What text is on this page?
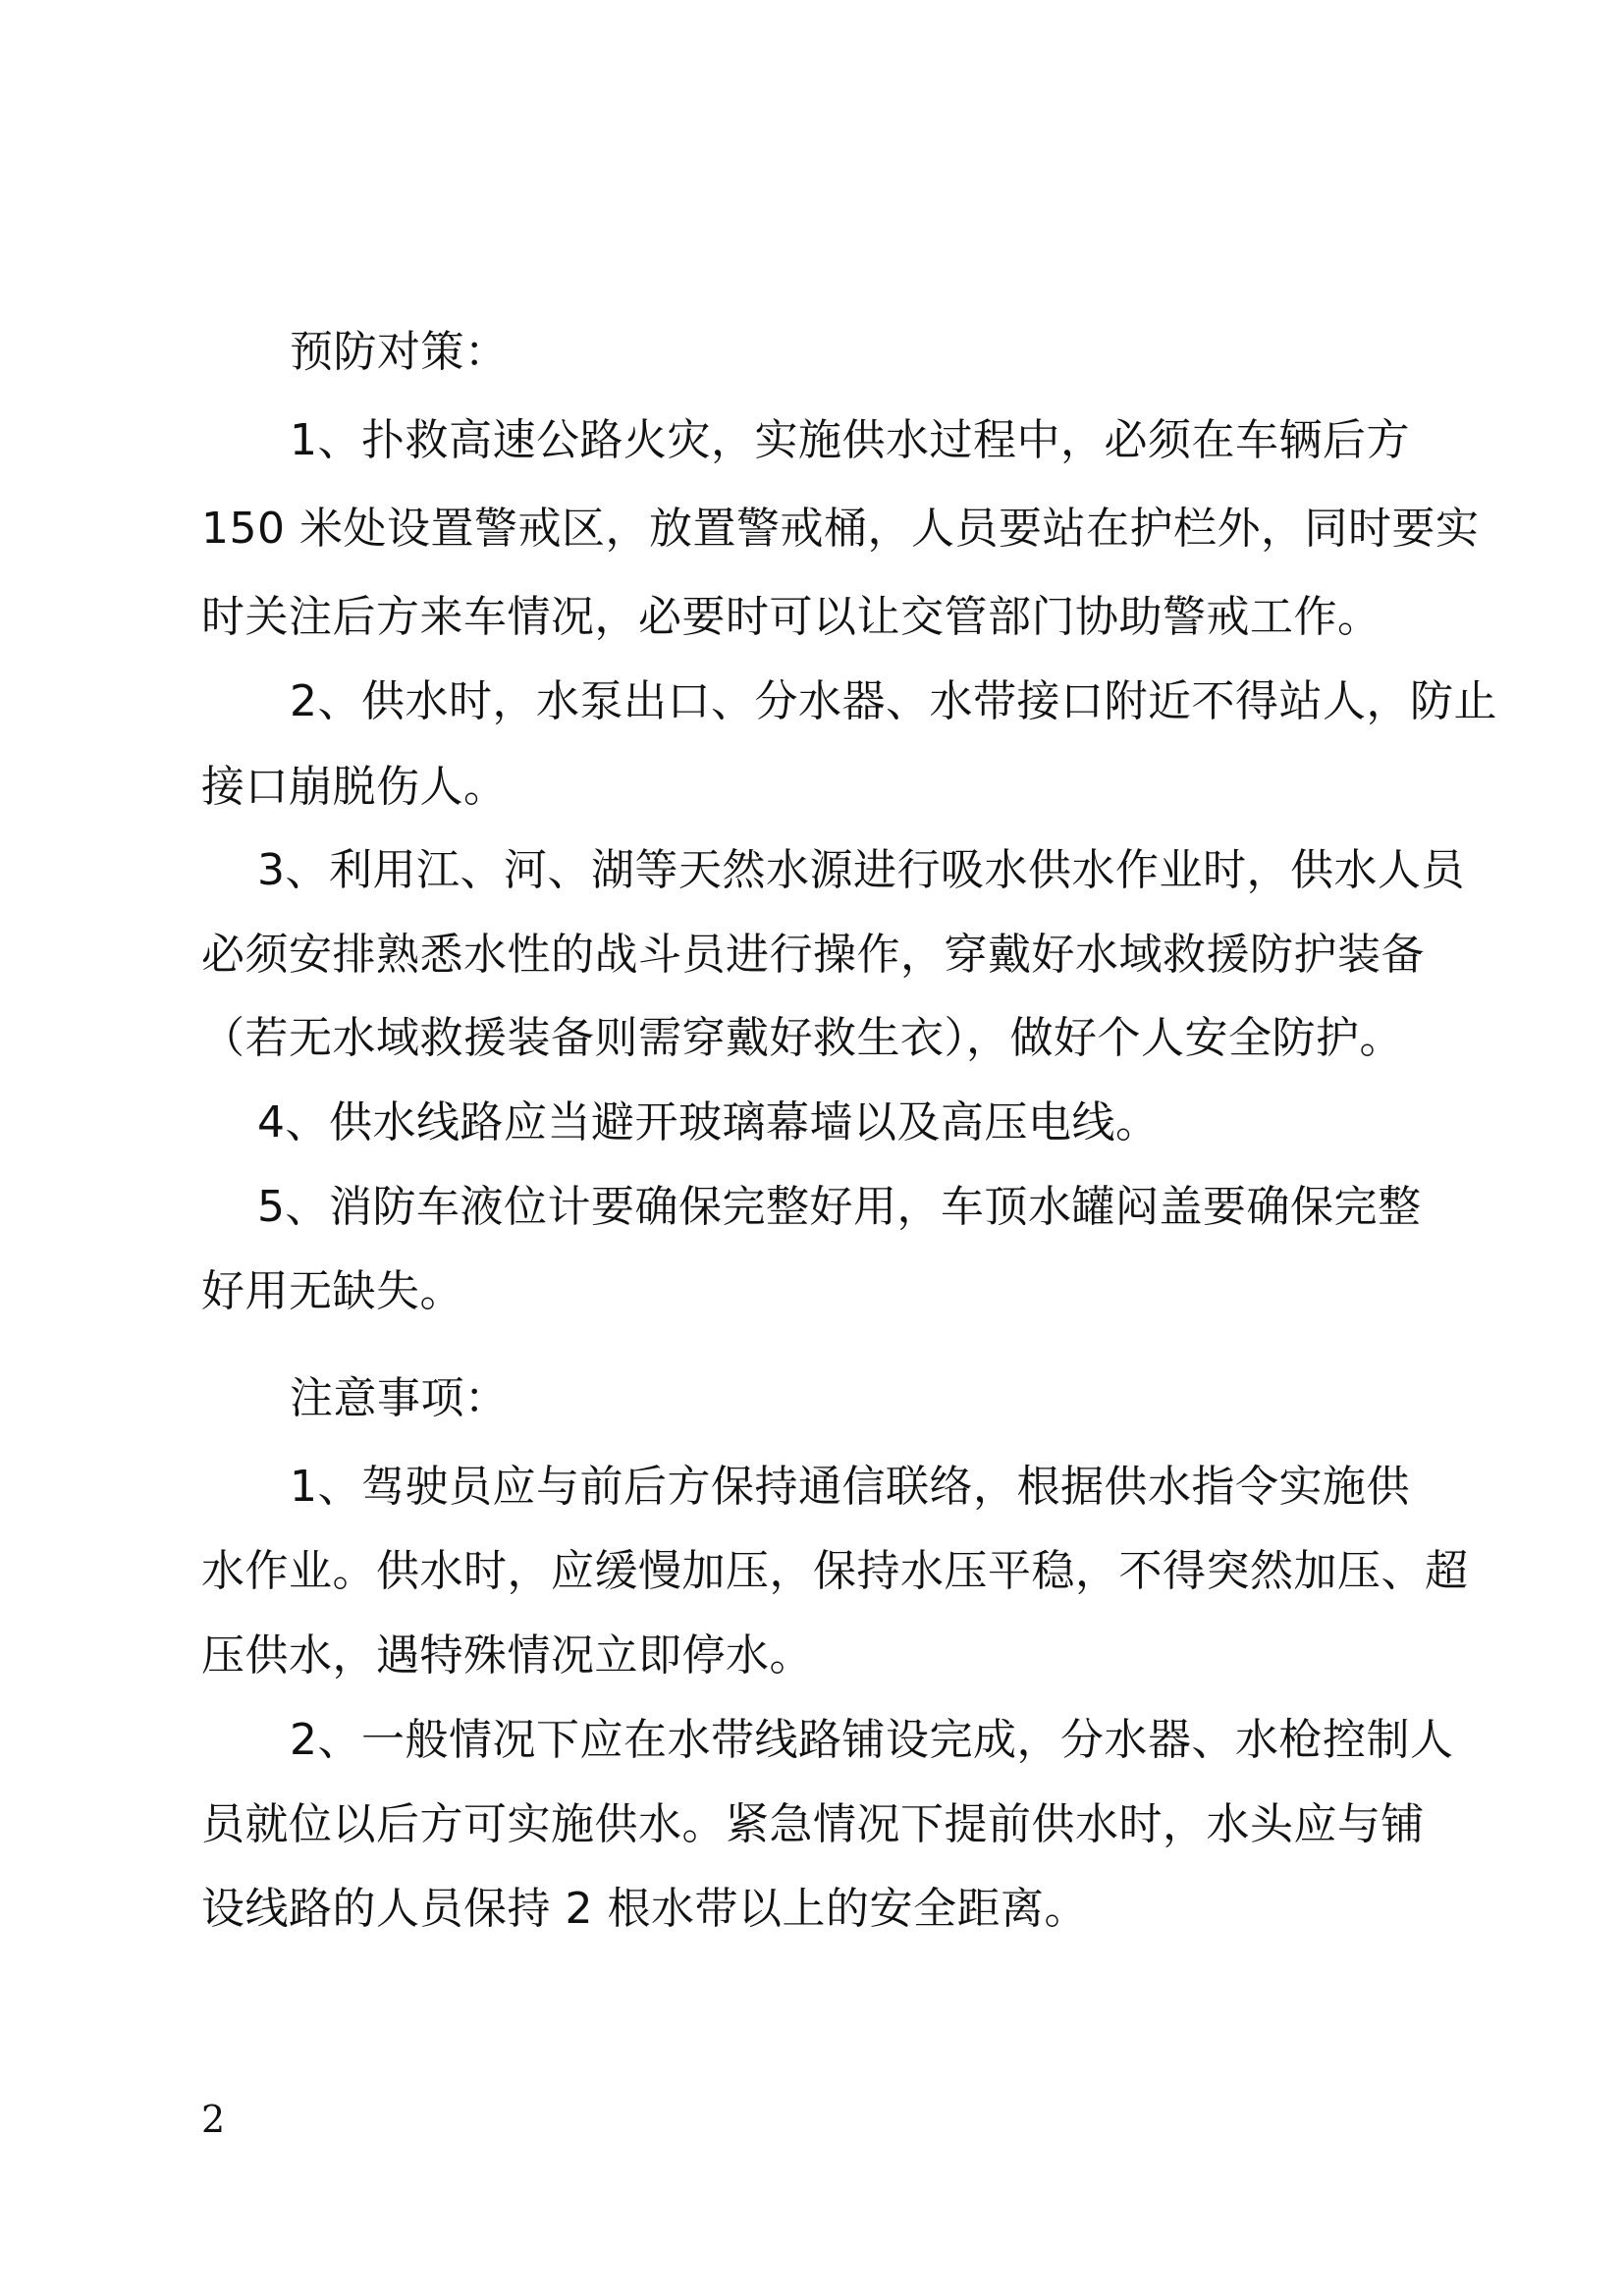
预防对策：
1、扑救高速公路火灾，实施供水过程中，必须在车辆后方
150 米处设置警戒区，放置警戒桶，人员要站在护栏外，同时要实
时关注后方来车情况，必要时可以让交管部门协助警戒工作。
2、供水时，水泵出口、分水器、水带接口附近不得站人，防止
接口崩脱伤人。
3、利用江、河、湖等天然水源进行吸水供水作业时，供水人员
必须安排熟悉水性的战斗员进行操作，穿戴好水域救援防护装备
（若无水域救援装备则需穿戴好救生衣），做好个人安全防护。
4、供水线路应当避开玻璃幕墙以及高压电线。
5、消防车液位计要确保完整好用，车顶水罐闷盖要确保完整
好用无缺失。
注意事项：
1、驾驶员应与前后方保持通信联络，根据供水指令实施供
水作业。供水时，应缓慢加压，保持水压平稳，不得突然加压、超
压供水，遇特殊情况立即停水。
2、一般情况下应在水带线路铺设完成，分水器、水枪控制人
员就位以后方可实施供水。紧急情况下提前供水时，水头应与铺
设线路的人员保持 2 根水带以上的安全距离。
2
